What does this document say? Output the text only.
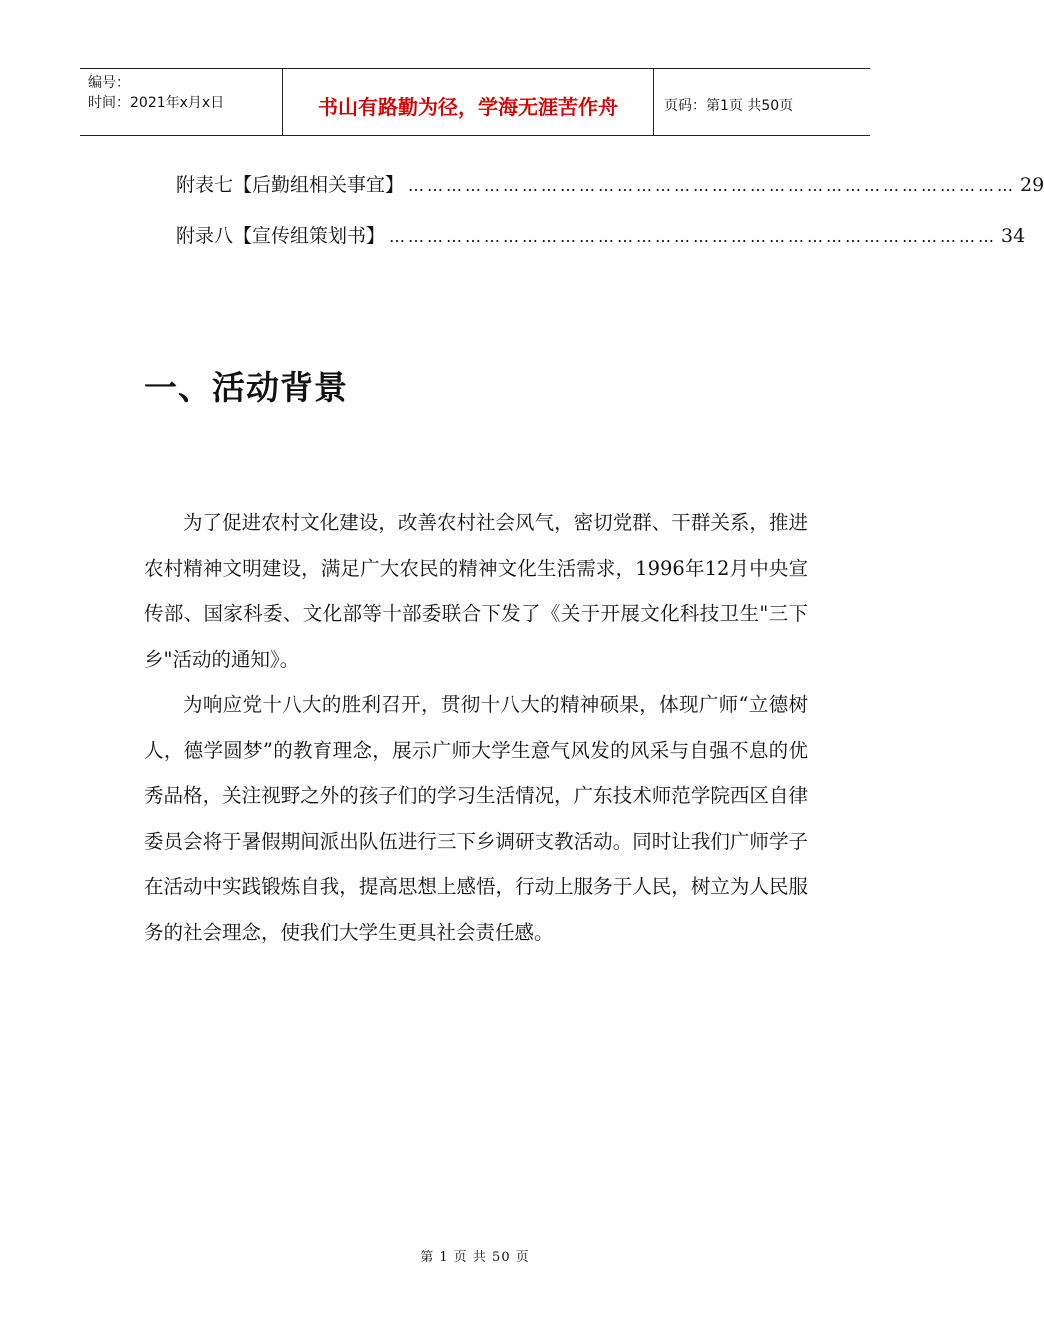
编号：
时间：2021年x月x日	书山有路勤为径，学海无涯苦作舟	页码：第1页 共50页
附表七【后勤组相关事宜】 …………………………………………………………………………………… 29
附录八【宣传组策划书】 …………………………………………………………………………………… 34
一、活动背景

为了促进农村文化建设，改善农村社会风气，密切党群、干群关系，推进农村精神文明建设，满足广大农民的精神文化生活需求，1996年12月中央宣传部、国家科委、文化部等十部委联合下发了《关于开展文化科技卫生"三下乡"活动的通知》。

为响应党十八大的胜利召开，贯彻十八大的精神硕果，体现广师“立德树人，德学圆梦”的教育理念，展示广师大学生意气风发的风采与自强不息的优秀品格，关注视野之外的孩子们的学习生活情况，广东技术师范学院西区自律委员会将于暑假期间派出队伍进行三下乡调研支教活动。同时让我们广师学子在活动中实践锻炼自我，提高思想上感悟，行动上服务于人民，树立为人民服务的社会理念，使我们大学生更具社会责任感。

第 1 页 共 50 页
